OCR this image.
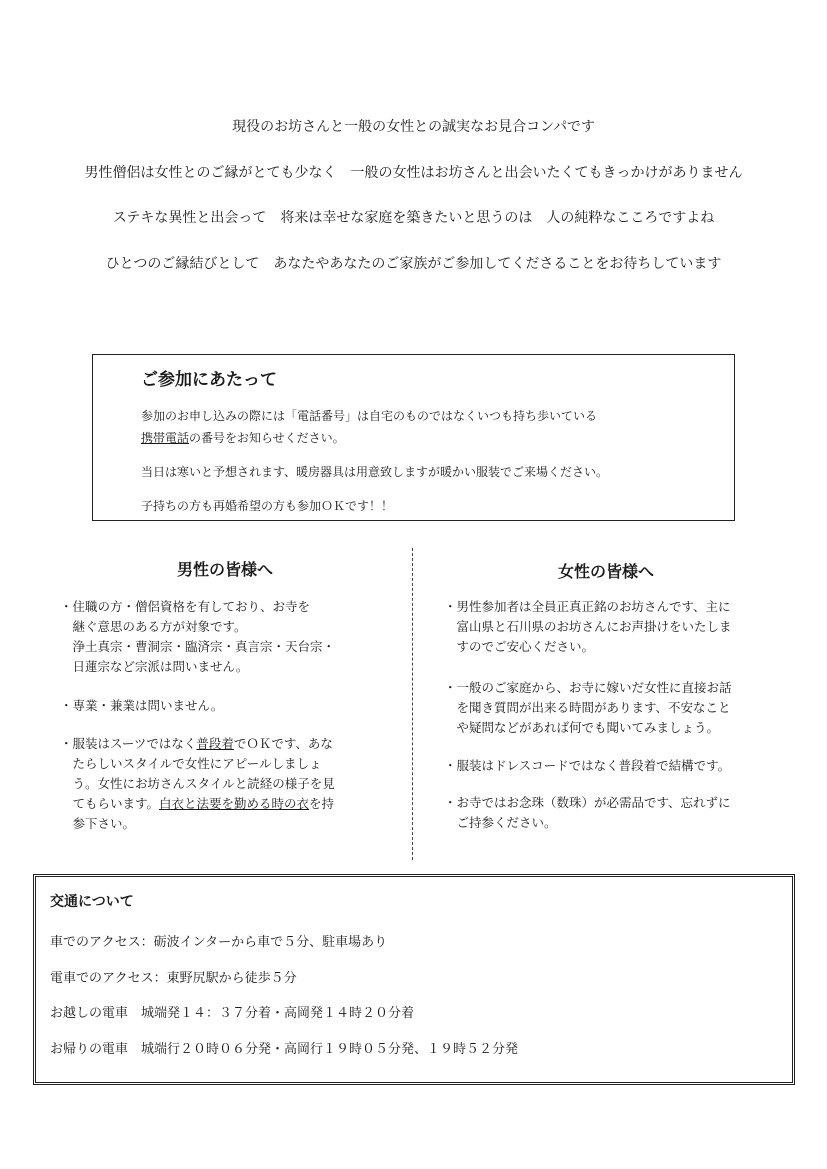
現役のお坊さんと一般の女性との誠実なお見合コンパです
男性僧侶は女性とのご縁がとても少なく　一般の女性はお坊さんと出会いたくてもきっかけがありません
ステキな異性と出会って　将来は幸せな家庭を築きたいと思うのは　人の純粋なこころですよね
ひとつのご縁結びとして　あなたやあなたのご家族がご参加してくださることをお待ちしています
ご参加にあたって
参加のお申し込みの際には「電話番号」は自宅のものではなくいつも持ち歩いている
携帯電話の番号をお知らせください。
当日は寒いと予想されます、暖房器具は用意致しますが暖かい服装でご来場ください。
子持ちの方も再婚希望の方も参加ＯＫです！！
男性の皆様へ	女性の皆様へ
・住職の方・僧侶資格を有しており、お寺を
　継ぐ意思のある方が対象です。
　浄土真宗・曹洞宗・臨済宗・真言宗・天台宗・
　日蓮宗など宗派は問いません。
・専業・兼業は問いません。
・服装はスーツではなく普段着でＯＫです、あな
　たらしいスタイルで女性にアピールしましょ
　う。女性にお坊さんスタイルと読経の様子を見
　てもらいます。白衣と法要を勤める時の衣を持
　参下さい。
・男性参加者は全員正真正銘のお坊さんです、主に
　富山県と石川県のお坊さんにお声掛けをいたしま
　すのでご安心ください。
・一般のご家庭から、お寺に嫁いだ女性に直接お話
　を聞き質問が出来る時間があります、不安なこと
　や疑問などがあれば何でも聞いてみましょう。
・服装はドレスコードではなく普段着で結構です。
・お寺ではお念珠（数珠）が必需品です、忘れずに
　ご持参ください。
交通について
車でのアクセス：砺波インターから車で５分、駐車場あり
電車でのアクセス：東野尻駅から徒歩５分
お越しの電車　城端発１４：３７分着・高岡発１４時２０分着
お帰りの電車　城端行２０時０６分発・高岡行１９時０５分発、１９時５２分発
